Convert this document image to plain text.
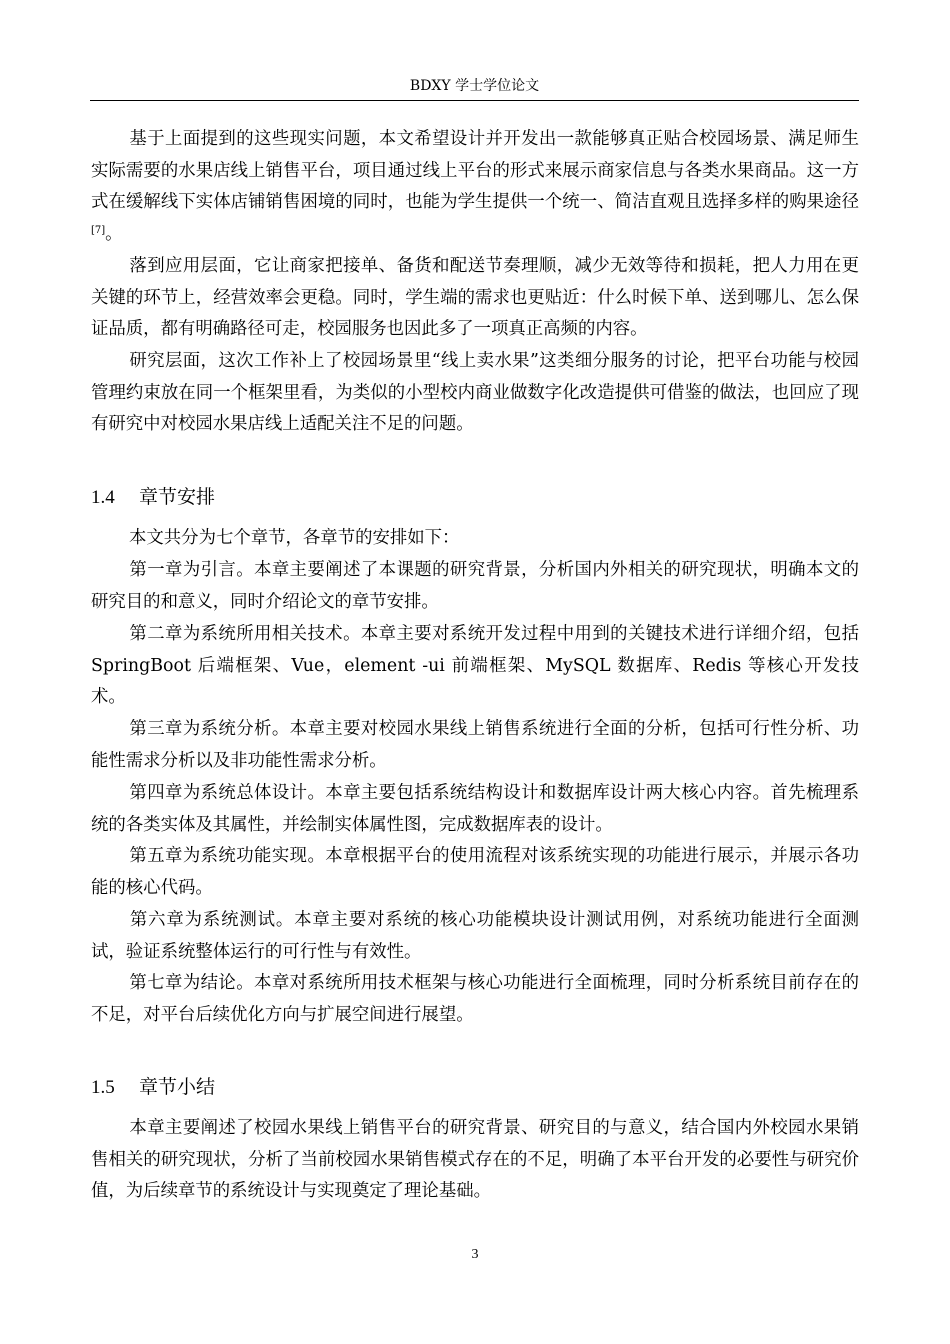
BDXY 学士学位论文

基于上面提到的这些现实问题，本文希望设计并开发出一款能够真正贴合校园场景、满足师生实际需要的水果店线上销售平台，项目通过线上平台的形式来展示商家信息与各类水果商品。这一方式在缓解线下实体店铺销售困境的同时，也能为学生提供一个统一、简洁直观且选择多样的购果途径[7]。

落到应用层面，它让商家把接单、备货和配送节奏理顺，减少无效等待和损耗，把人力用在更关键的环节上，经营效率会更稳。同时，学生端的需求也更贴近：什么时候下单、送到哪儿、怎么保证品质，都有明确路径可走，校园服务也因此多了一项真正高频的内容。

研究层面，这次工作补上了校园场景里“线上卖水果”这类细分服务的讨论，把平台功能与校园管理约束放在同一个框架里看，为类似的小型校内商业做数字化改造提供可借鉴的做法，也回应了现有研究中对校园水果店线上适配关注不足的问题。

1.4 章节安排

本文共分为七个章节，各章节的安排如下：

第一章为引言。本章主要阐述了本课题的研究背景，分析国内外相关的研究现状，明确本文的研究目的和意义，同时介绍论文的章节安排。

第二章为系统所用相关技术。本章主要对系统开发过程中用到的关键技术进行详细介绍，包括 SpringBoot 后端框架、Vue，element -ui 前端框架、MySQL 数据库、Redis 等核心开发技术。

第三章为系统分析。本章主要对校园水果线上销售系统进行全面的分析，包括可行性分析、功能性需求分析以及非功能性需求分析。

第四章为系统总体设计。本章主要包括系统结构设计和数据库设计两大核心内容。首先梳理系统的各类实体及其属性，并绘制实体属性图，完成数据库表的设计。

第五章为系统功能实现。本章根据平台的使用流程对该系统实现的功能进行展示，并展示各功能的核心代码。

第六章为系统测试。本章主要对系统的核心功能模块设计测试用例，对系统功能进行全面测试，验证系统整体运行的可行性与有效性。

第七章为结论。本章对系统所用技术框架与核心功能进行全面梳理，同时分析系统目前存在的不足，对平台后续优化方向与扩展空间进行展望。

1.5 章节小结

本章主要阐述了校园水果线上销售平台的研究背景、研究目的与意义，结合国内外校园水果销售相关的研究现状，分析了当前校园水果销售模式存在的不足，明确了本平台开发的必要性与研究价值，为后续章节的系统设计与实现奠定了理论基础。

3
